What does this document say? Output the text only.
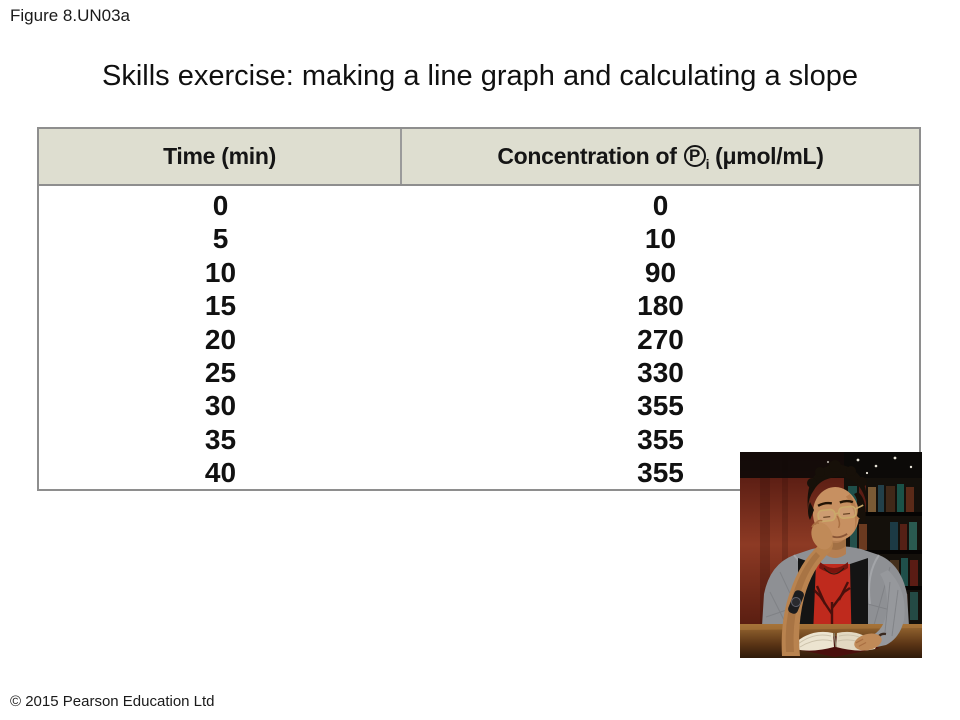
Figure 8.UN03a
Skills exercise: making a line graph and calculating a slope
Time (min)	Concentration of P i (μmol/mL)
0	0
5	10
10	90
15	180
20	270
25	330
30	355
35	355
40	355
© 2015 Pearson Education Ltd
